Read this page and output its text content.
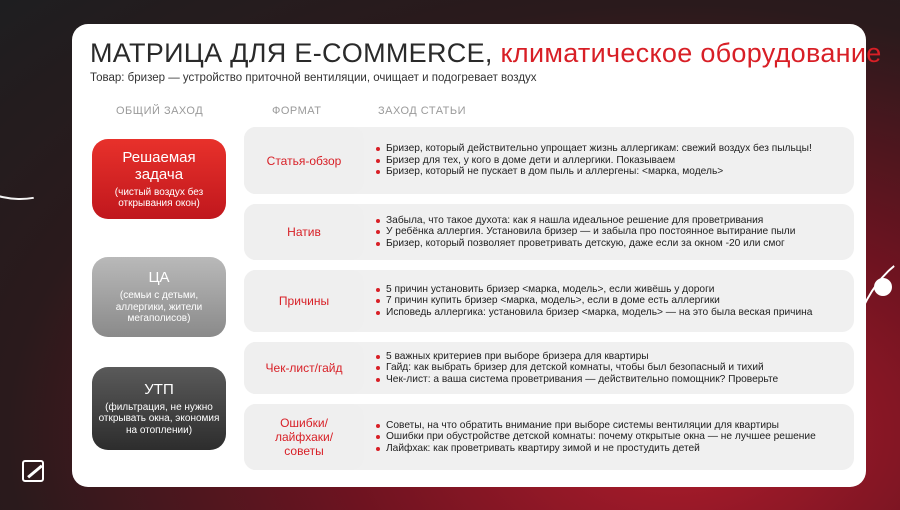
МАТРИЦА ДЛЯ E-COMMERCE, климатическое оборудование
Товар: бризер — устройство приточной вентиляции, очищает и подогревает воздух
ОБЩИЙ ЗАХОД	ФОРМАТ	ЗАХОД СТАТЬИ
Решаемая задача
(чистый воздух без открывания окон)
ЦА
(семьи с детьми, аллергики, жители мегаполисов)
УТП
(фильтрация, не нужно открывать окна, экономия на отоплении)
Статья-обзор
Бризер, который действительно упрощает жизнь аллергикам: свежий воздух без пыльцы!
Бризер для тех, у кого в доме дети и аллергики. Показываем
Бризер, который не пускает в дом пыль и аллергены: <марка, модель>
Натив
Забыла, что такое духота: как я нашла идеальное решение для проветривания
У ребёнка аллергия. Установила бризер — и забыла про постоянное вытирание пыли
Бризер, который позволяет проветривать детскую, даже если за окном -20 или смог
Причины
5 причин установить бризер <марка, модель>, если живёшь у дороги
7 причин купить бризер <марка, модель>, если в доме есть аллергики
Исповедь аллергика: установила бризер <марка, модель> — на это была веская причина
Чек-лист/гайд
5 важных критериев при выборе бризера для квартиры
Гайд: как выбрать бризер для детской комнаты, чтобы был безопасный и тихий
Чек-лист: а ваша система проветривания — действительно помощник? Проверьте
Ошибки/ лайфхаки/ советы
Советы, на что обратить внимание при выборе системы вентиляции для квартиры
Ошибки при обустройстве детской комнаты: почему открытые окна — не лучшее решение
Лайфхак: как проветривать квартиру зимой и не простудить детей
